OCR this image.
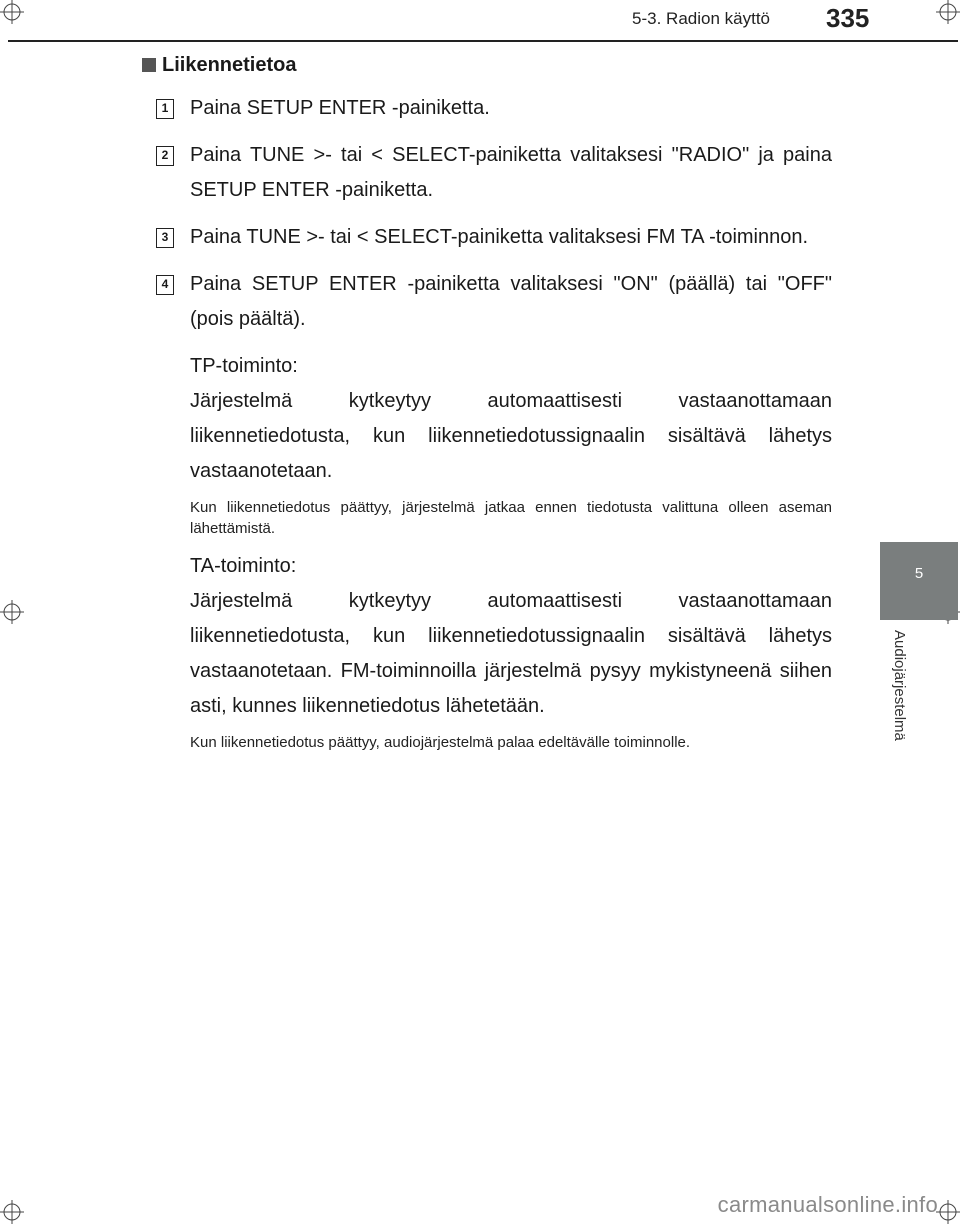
5-3. Radion käyttö 335
5
Audiojärjestelmä
Liikennetietoa
1 Paina SETUP ENTER -painiketta.
2 Paina TUNE >- tai < SELECT-painiketta valitaksesi "RADIO" ja paina SETUP ENTER -painiketta.
3 Paina TUNE >- tai < SELECT-painiketta valitaksesi FM TA -toiminnon.
4 Paina SETUP ENTER -painiketta valitaksesi "ON" (päällä) tai "OFF" (pois päältä).
TP-toiminto:
Järjestelmä kytkeytyy automaattisesti vastaanottamaan liikennetiedotusta, kun liikennetiedotussignaalin sisältävä lähetys vastaanotetaan.
Kun liikennetiedotus päättyy, järjestelmä jatkaa ennen tiedotusta valittuna olleen aseman lähettämistä.
TA-toiminto:
Järjestelmä kytkeytyy automaattisesti vastaanottamaan liikennetiedotusta, kun liikennetiedotussignaalin sisältävä lähetys vastaanotetaan. FM-toiminnoilla järjestelmä pysyy mykistyneenä siihen asti, kunnes liikennetiedotus lähetetään.
Kun liikennetiedotus päättyy, audiojärjestelmä palaa edeltävälle toiminnolle.
carmanualsonline.info
